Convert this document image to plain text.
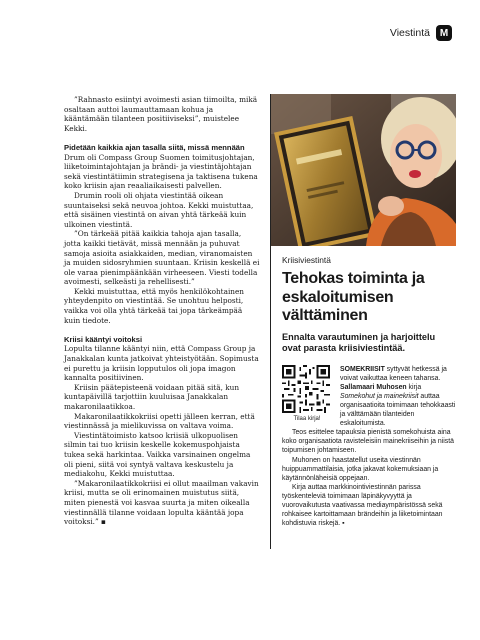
Viestintä M

”Rahnasto esiintyi avoimesti asian tiimoilta, mikä osaltaan auttoi laumauttamaan kohua ja kääntämään tilanteen positiiviseksi”, muistelee Kekki.

Pidetään kaikkia ajan tasalla siitä, missä mennään

Drum oli Compass Group Suomen toimitusjohtajan, liiketoimintajohtajan ja brändi- ja viestintäjohtajan sekä viestintätiimin strategisena ja taktisena tukena koko kriisin ajan reaaliaikaisesti palvellen.

Drumin rooli oli ohjata viestintää oikean suuntaiseksi sekä neuvoa johtoa. Kekki muistuttaa, että sisäinen viestintä on aivan yhtä tärkeää kuin ulkoinen viestintä.

”On tärkeää pitää kaikkia tahoja ajan tasalla, jotta kaikki tietävät, missä mennään ja puhuvat samoja asioita asiakkaiden, median, viranomaisten ja muiden sidosryhmien suuntaan. Kriisin keskellä ei ole varaa pienimpäänkään virheeseen. Viesti todella avoimesti, selkeästi ja rehellisesti.”

Kekki muistuttaa, että myös henkilökohtainen yhteydenpito on viestintää. Se unohtuu helposti, vaikka voi olla yhtä tärkeää tai jopa tärkeämpää kuin tiedote.

Kriisi kääntyi voitoksi

Lopulta tilanne kääntyi niin, että Compass Group ja Janakkalan kunta jatkoivat yhteistyötään. Sopimusta ei purettu ja kriisin lopputulos oli jopa imagon kannalta positiivinen.

Kriisin päätepisteenä voidaan pitää sitä, kun kuntapäivillä tarjottiin kuuluisaa Janakkalan makaronilaatikkoa.

Makaronilaatikkokriisi opetti jälleen kerran, että viestinnässä ja mielikuvissa on valtava voima.

Viestintätoimisto katsoo kriisiä ulkopuolisen silmin tai tuo kriisin keskelle kokemuspohjaista tukea sekä harkintaa. Vaikka varsinainen ongelma oli pieni, siitä voi syntyä valtava keskustelu ja mediakohu, Kekki muistuttaa.

”Makaronilaatikkokriisi ei ollut maailman vakavin kriisi, mutta se oli erinomainen muistutus siitä, miten pienestä voi kasvaa suurta ja miten oikealla viestinnällä tilanne voidaan lopulta kääntää jopa voitoksi.” ▪

Kriisiviestintä
Tehokas toiminta ja eskaloitumisen välttäminen
Ennalta varautuminen ja harjoittelu ovat parasta kriisiviestintää.
Tilaa kirja!
SOMEKRIISIT syttyvät hetkessä ja voivat vaikuttaa keneen tahansa. Sallamaari Muhosen kirja Somekohut ja mainekriisit auttaa organisaatioita toimimaan tehokkaasti ja välttämään tilanteiden eskaloitumista.

Teos esittelee tapauksia pienistä somekohuista aina koko organisaatiota ravisteleisiin mainekriiseihin ja niistä toipumisen johtamiseen.

Muhonen on haastatellut useita viestinnän huippuammattilaisia, jotka jakavat kokemuksiaan ja käytännönläheisiä oppejaan.

Kirja auttaa markkinointiviestinnän parissa työskenteleviä toimimaan läpinäkyvyyttä ja vuorovaikutusta vaativassa mediaympäristössä sekä rohkaisee kartoittamaan brändeihin ja liiketoimintaan kohdistuvia riskejä. ▪
